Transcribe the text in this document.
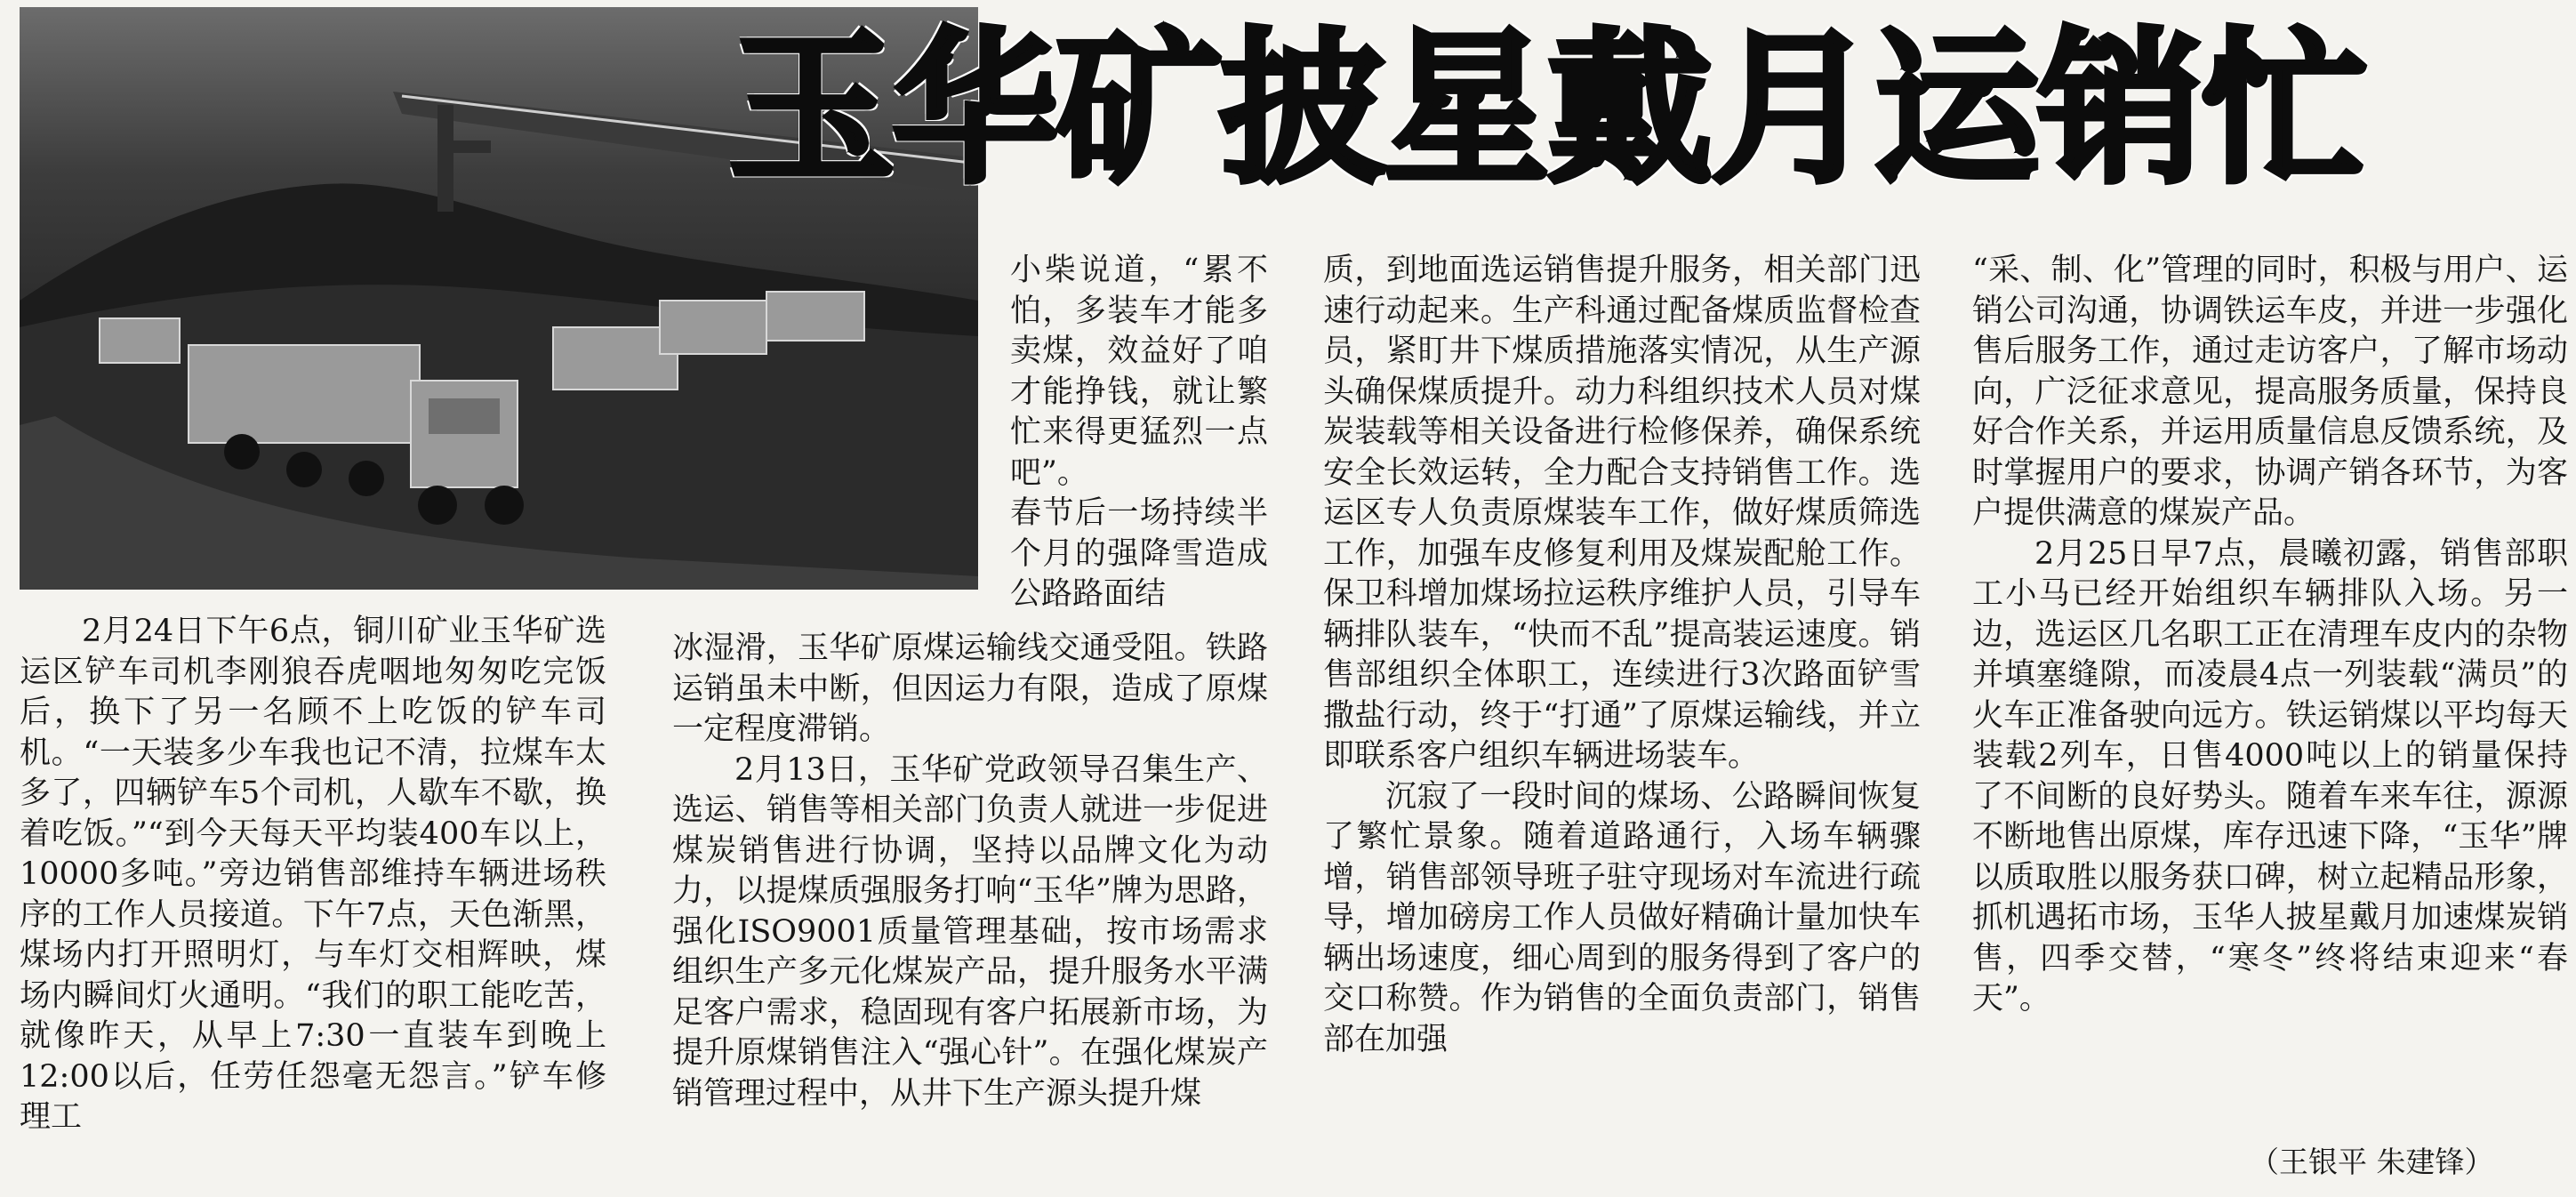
玉华矿披星戴月运销忙

2月24日下午6点，铜川矿业玉华矿选运区铲车司机李刚狼吞虎咽地匆匆吃完饭后，换下了另一名顾不上吃饭的铲车司机。“一天装多少车我也记不清，拉煤车太多了，四辆铲车5个司机，人歇车不歇，换着吃饭。”“到今天每天平均装400车以上，10000多吨。”旁边销售部维持车辆进场秩序的工作人员接道。下午7点，天色渐黑，煤场内打开照明灯，与车灯交相辉映，煤场内瞬间灯火通明。“我们的职工能吃苦，就像昨天，从早上7:30一直装车到晚上12:00以后，任劳任怨毫无怨言。”铲车修理工

小柴说道，“累不怕，多装车才能多卖煤，效益好了咱才能挣钱，就让繁忙来得更猛烈一点吧”。

春节后一场持续半个月的强降雪造成公路路面结

冰湿滑，玉华矿原煤运输线交通受阻。铁路运销虽未中断，但因运力有限，造成了原煤一定程度滞销。

2月13日，玉华矿党政领导召集生产、选运、销售等相关部门负责人就进一步促进煤炭销售进行协调，坚持以品牌文化为动力，以提煤质强服务打响“玉华”牌为思路，强化ISO9001质量管理基础，按市场需求组织生产多元化煤炭产品，提升服务水平满足客户需求，稳固现有客户拓展新市场，为提升原煤销售注入“强心针”。在强化煤炭产销管理过程中，从井下生产源头提升煤

质，到地面选运销售提升服务，相关部门迅速行动起来。生产科通过配备煤质监督检查员，紧盯井下煤质措施落实情况，从生产源头确保煤质提升。动力科组织技术人员对煤炭装载等相关设备进行检修保养，确保系统安全长效运转，全力配合支持销售工作。选运区专人负责原煤装车工作，做好煤质筛选工作，加强车皮修复利用及煤炭配舱工作。保卫科增加煤场拉运秩序维护人员，引导车辆排队装车，“快而不乱”提高装运速度。销售部组织全体职工，连续进行3次路面铲雪撒盐行动，终于“打通”了原煤运输线，并立即联系客户组织车辆进场装车。

沉寂了一段时间的煤场、公路瞬间恢复了繁忙景象。随着道路通行，入场车辆骤增，销售部领导班子驻守现场对车流进行疏导，增加磅房工作人员做好精确计量加快车辆出场速度，细心周到的服务得到了客户的交口称赞。作为销售的全面负责部门，销售部在加强

“采、制、化”管理的同时，积极与用户、运销公司沟通，协调铁运车皮，并进一步强化售后服务工作，通过走访客户，了解市场动向，广泛征求意见，提高服务质量，保持良好合作关系，并运用质量信息反馈系统，及时掌握用户的要求，协调产销各环节，为客户提供满意的煤炭产品。

2月25日早7点，晨曦初露，销售部职工小马已经开始组织车辆排队入场。另一边，选运区几名职工正在清理车皮内的杂物并填塞缝隙，而凌晨4点一列装载“满员”的火车正准备驶向远方。铁运销煤以平均每天装载2列车，日售4000吨以上的销量保持了不间断的良好势头。随着车来车往，源源不断地售出原煤，库存迅速下降，“玉华”牌以质取胜以服务获口碑，树立起精品形象，抓机遇拓市场，玉华人披星戴月加速煤炭销售，四季交替，“寒冬”终将结束迎来“春天”。

（王银平 朱建锋）
